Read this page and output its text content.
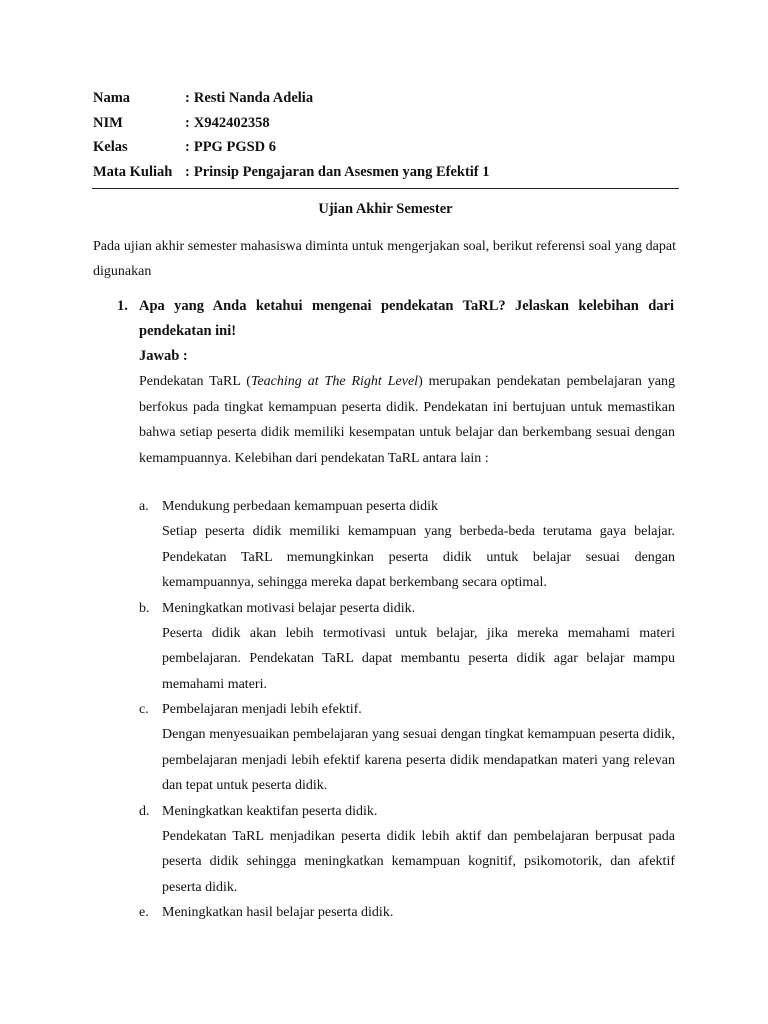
Nama	: Resti Nanda Adelia
NIM	: X942402358
Kelas	: PPG PGSD 6
Mata Kuliah : Prinsip Pengajaran dan Asesmen yang Efektif 1
Ujian Akhir Semester
Pada ujian akhir semester mahasiswa diminta untuk mengerjakan soal, berikut referensi soal yang dapat digunakan
1. Apa yang Anda ketahui mengenai pendekatan TaRL? Jelaskan kelebihan dari pendekatan ini!
Jawab :
Pendekatan TaRL (Teaching at The Right Level) merupakan pendekatan pembelajaran yang berfokus pada tingkat kemampuan peserta didik. Pendekatan ini bertujuan untuk memastikan bahwa setiap peserta didik memiliki kesempatan untuk belajar dan berkembang sesuai dengan kemampuannya. Kelebihan dari pendekatan TaRL antara lain :
a. Mendukung perbedaan kemampuan peserta didik

Setiap peserta didik memiliki kemampuan yang berbeda-beda terutama gaya belajar. Pendekatan TaRL memungkinkan peserta didik untuk belajar sesuai dengan kemampuannya, sehingga mereka dapat berkembang secara optimal.

b. Meningkatkan motivasi belajar peserta didik.

Peserta didik akan lebih termotivasi untuk belajar, jika mereka memahami materi pembelajaran. Pendekatan TaRL dapat membantu peserta didik agar belajar mampu memahami materi.

c. Pembelajaran menjadi lebih efektif.

Dengan menyesuaikan pembelajaran yang sesuai dengan tingkat kemampuan peserta didik, pembelajaran menjadi lebih efektif karena peserta didik mendapatkan materi yang relevan dan tepat untuk peserta didik.

d. Meningkatkan keaktifan peserta didik.

Pendekatan TaRL menjadikan peserta didik lebih aktif dan pembelajaran berpusat pada peserta didik sehingga meningkatkan kemampuan kognitif, psikomotorik, dan afektif peserta didik.

e. Meningkatkan hasil belajar peserta didik.
